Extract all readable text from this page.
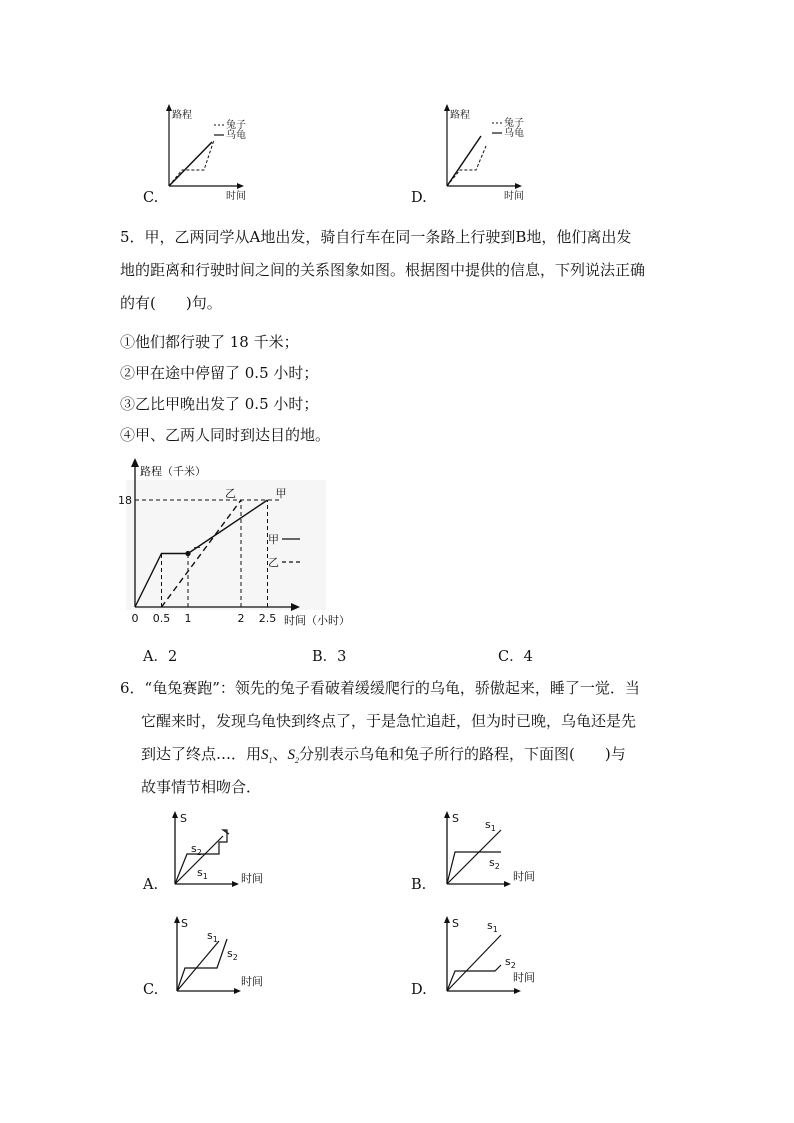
路程
时间
兔子
乌龟
C.
路程
时间
兔子
乌龟
D.
5．甲，乙两同学从A地出发，骑自行车在同一条路上行驶到B地，他们离出发
地的距离和行驶时间之间的关系图象如图。根据图中提供的信息，下列说法正确
的有(　　)句。
①他们都行驶了 18 千米；
②甲在途中停留了 0.5 小时；
③乙比甲晚出发了 0.5 小时；
④甲、乙两人同时到达目的地。
路程（千米）
时间（小时）
18
0 0.5 1	2 2.5
甲
乙
甲
乙
A．2	B．3	C．4
6．“龟兔赛跑”：领先的兔子看破着缓缓爬行的乌龟，骄傲起来，睡了一觉．当
它醒来时，发现乌龟快到终点了，于是急忙追赶，但为时已晚，乌龟还是先
到达了终点…．用$S_1$、$S_2$分别表示乌龟和兔子所行的路程，下面图(　　)与
故事情节相吻合．
S
时间
$s_2$
$s_1$
A.
S
时间
$s_1$
$s_2$
B.
S
时间
$s_1$
$s_2$
C.
S
时间
$s_1$
$s_2$
D.
